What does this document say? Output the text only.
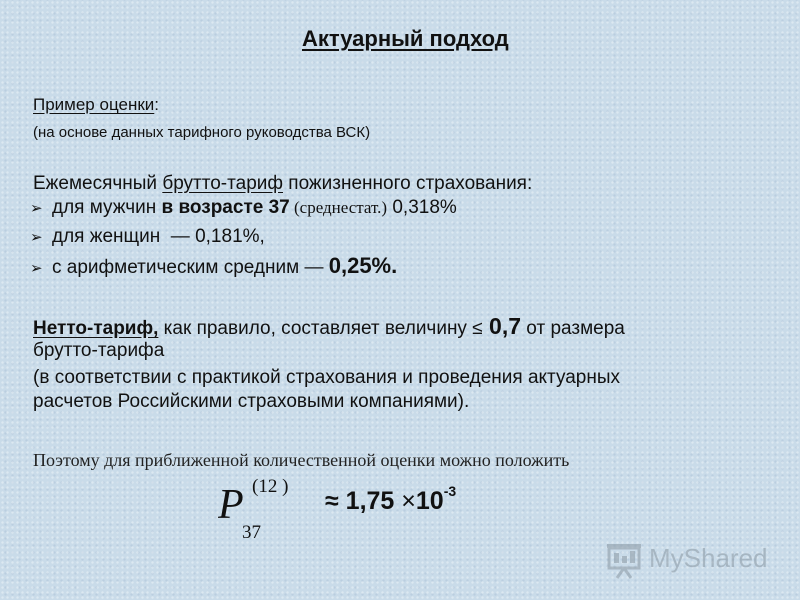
Актуарный подход
Пример оценки:
(на основе данных тарифного руководства ВСК)
Ежемесячный брутто-тариф пожизненного страхования:
➢ для мужчин в возрасте 37 (среднестат.) 0,318%
➢ для женщин  — 0,181%,
➢ с арифметическим средним — 0,25%.
Нетто-тариф, как правило, составляет величину ≤ 0,7 от размера
брутто-тарифа
(в соответствии с практикой страхования и проведения актуарных
расчетов Российскими страховыми компаниями).
Поэтому для приближенной количественной оценки можно положить
P (12 )
37
≈ $1,75 \times 10^{-3}$
MyShared
